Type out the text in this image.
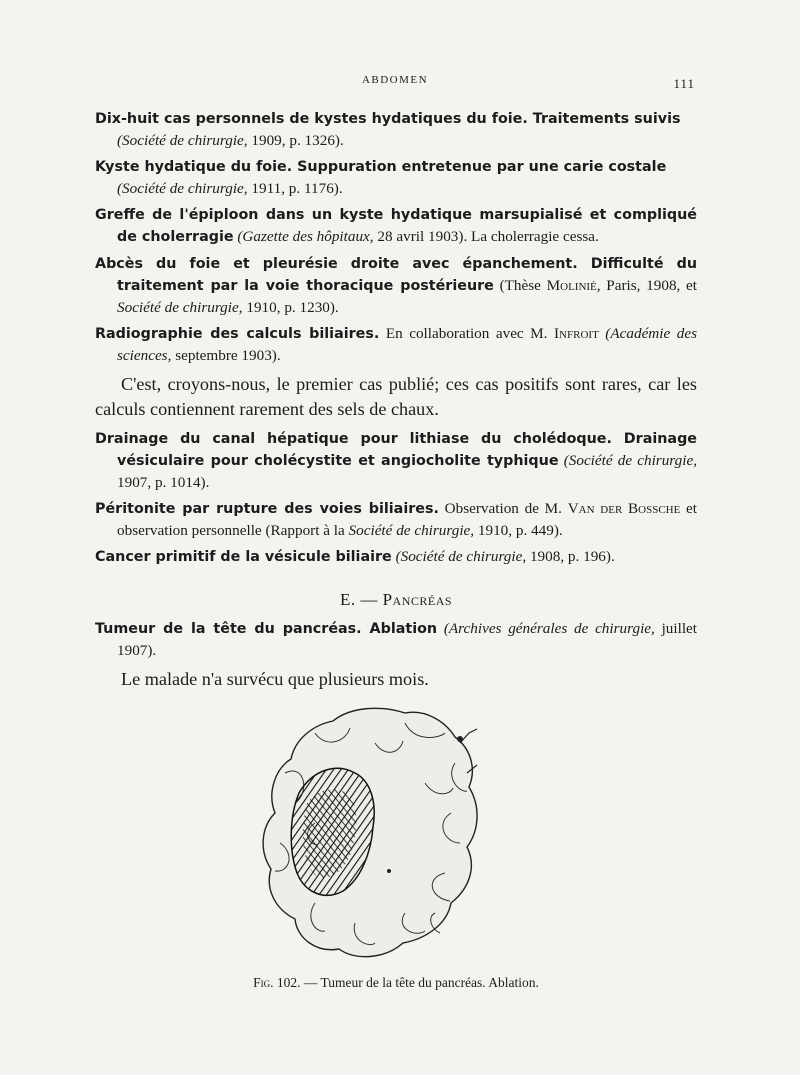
ABDOMEN	111

Dix-huit cas personnels de kystes hydatiques du foie. Traitements suivis
(Société de chirurgie, 1909, p. 1326).

Kyste hydatique du foie. Suppuration entretenue par une carie costale
(Société de chirurgie, 1911, p. 1176).

Greffe de l'épiploon dans un kyste hydatique marsupialisé et compliqué de cholerragie (Gazette des hôpitaux, 28 avril 1903). La cholerragie cessa.

Abcès du foie et pleurésie droite avec épanchement. Difficulté du traitement par la voie thoracique postérieure (Thèse Molinié, Paris, 1908, et Société de chirurgie, 1910, p. 1230).

Radiographie des calculs biliaires. En collaboration avec M. Infroit (Académie des sciences, septembre 1903).

C'est, croyons-nous, le premier cas publié; ces cas positifs sont rares, car les calculs contiennent rarement des sels de chaux.

Drainage du canal hépatique pour lithiase du cholédoque. Drainage vésiculaire pour cholécystite et angiocholite typhique (Société de chirurgie, 1907, p. 1014).

Péritonite par rupture des voies biliaires. Observation de M. Van der Bossche et observation personnelle (Rapport à la Société de chirurgie, 1910, p. 449).

Cancer primitif de la vésicule biliaire (Société de chirurgie, 1908, p. 196).

E. — Pancréas

Tumeur de la tête du pancréas. Ablation (Archives générales de chirurgie, juillet 1907).

Le malade n'a survécu que plusieurs mois.

Fig. 102. — Tumeur de la tête du pancréas. Ablation.
